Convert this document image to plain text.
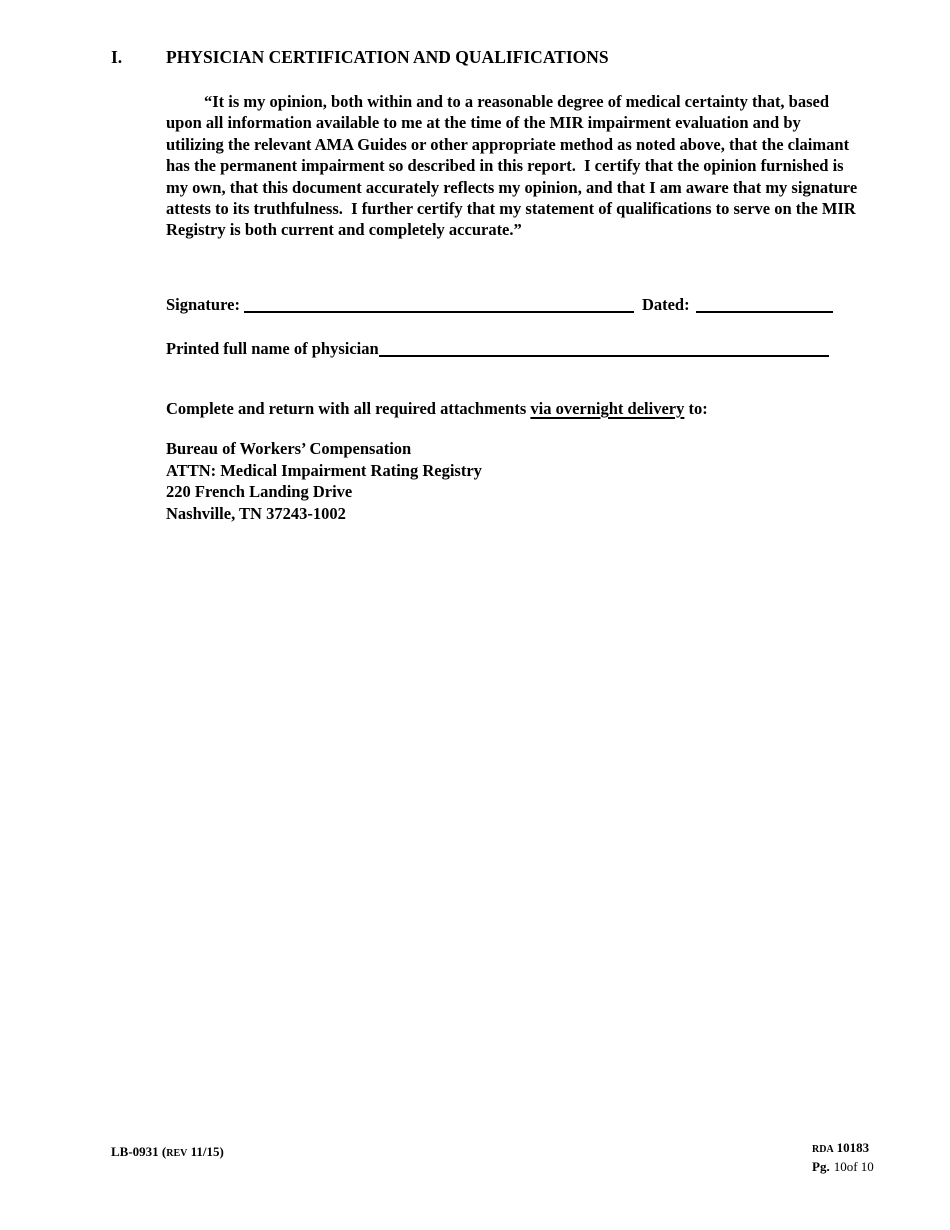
I.	PHYSICIAN CERTIFICATION AND QUALIFICATIONS

“It is my opinion, both within and to a reasonable degree of medical certainty that, based upon all information available to me at the time of the MIR impairment evaluation and by utilizing the relevant AMA Guides or other appropriate method as noted above, that the claimant has the permanent impairment so described in this report.  I certify that the opinion furnished is my own, that this document accurately reflects my opinion, and that I am aware that my signature attests to its truthfulness.  I further certify that my statement of qualifications to serve on the MIR Registry is both current and completely accurate.”

Signature:	Dated:
Printed full name of physician
Complete and return with all required attachments via overnight delivery to:
Bureau of Workers’ Compensation
ATTN: Medical Impairment Rating Registry
220 French Landing Drive
Nashville, TN 37243-1002
LB-0931 (REV 11/15)	RDA 10183
Pg. 10of 10
